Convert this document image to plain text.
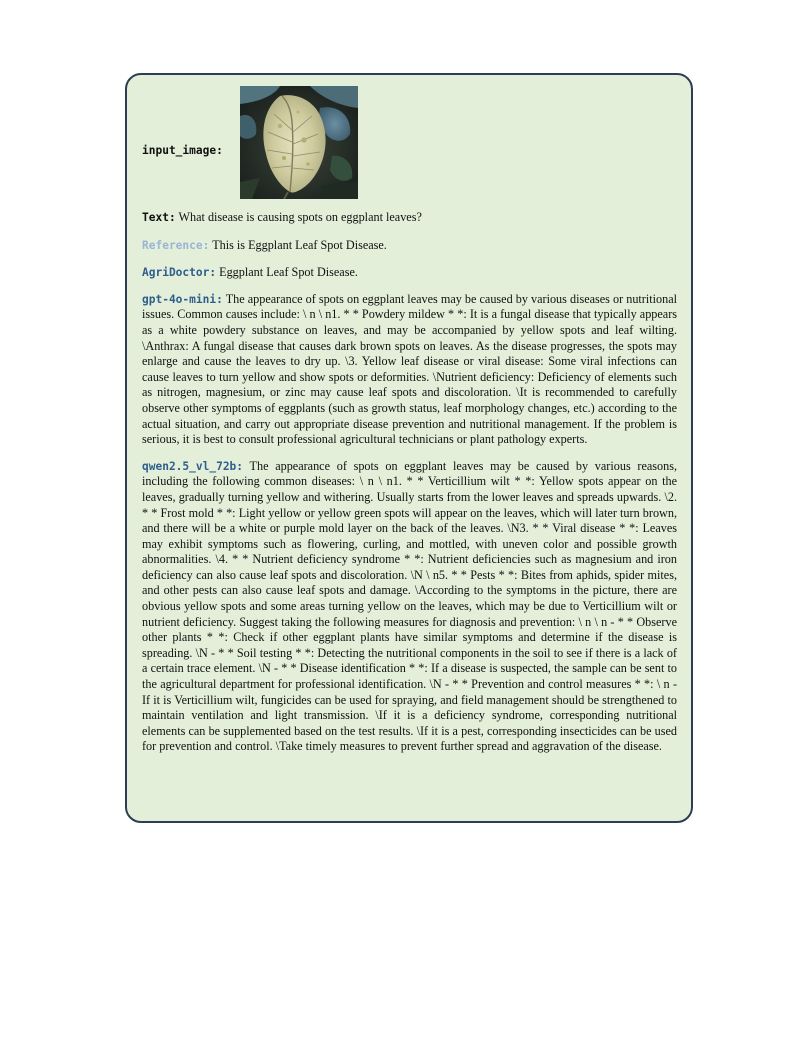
input_image:

Text: What disease is causing spots on eggplant leaves?

Reference: This is Eggplant Leaf Spot Disease.

AgriDoctor: Eggplant Leaf Spot Disease.

gpt-4o-mini: The appearance of spots on eggplant leaves may be caused by various diseases or nutritional issues. Common causes include: \ n \ n1. * * Powdery mildew * *: It is a fungal disease that typically appears as a white powdery substance on leaves, and may be accompanied by yellow spots and leaf wilting. \Anthrax: A fungal disease that causes dark brown spots on leaves. As the disease progresses, the spots may enlarge and cause the leaves to dry up. \3. Yellow leaf disease or viral disease: Some viral infections can cause leaves to turn yellow and show spots or deformities. \Nutrient deficiency: Deficiency of elements such as nitrogen, magnesium, or zinc may cause leaf spots and discoloration. \It is recommended to carefully observe other symptoms of eggplants (such as growth status, leaf morphology changes, etc.) according to the actual situation, and carry out appropriate disease prevention and nutritional management. If the problem is serious, it is best to consult professional agricultural technicians or plant pathology experts.

qwen2.5_vl_72b: The appearance of spots on eggplant leaves may be caused by various reasons, including the following common diseases: \ n \ n1. * * Verticillium wilt * *: Yellow spots appear on the leaves, gradually turning yellow and withering. Usually starts from the lower leaves and spreads upwards. \2. * * Frost mold * *: Light yellow or yellow green spots will appear on the leaves, which will later turn brown, and there will be a white or purple mold layer on the back of the leaves. \N3. * * Viral disease * *: Leaves may exhibit symptoms such as flowering, curling, and mottled, with uneven color and possible growth abnormalities. \4. * * Nutrient deficiency syndrome * *: Nutrient deficiencies such as magnesium and iron deficiency can also cause leaf spots and discoloration. \N \ n5. * * Pests * *: Bites from aphids, spider mites, and other pests can also cause leaf spots and damage. \According to the symptoms in the picture, there are obvious yellow spots and some areas turning yellow on the leaves, which may be due to Verticillium wilt or nutrient deficiency. Suggest taking the following measures for diagnosis and prevention: \ n \ n - * * Observe other plants * *: Check if other eggplant plants have similar symptoms and determine if the disease is spreading. \N - * * Soil testing * *: Detecting the nutritional components in the soil to see if there is a lack of a certain trace element. \N - * * Disease identification * *: If a disease is suspected, the sample can be sent to the agricultural department for professional identification. \N - * * Prevention and control measures * *: \ n - If it is Verticillium wilt, fungicides can be used for spraying, and field management should be strengthened to maintain ventilation and light transmission. \If it is a deficiency syndrome, corresponding nutritional elements can be supplemented based on the test results. \If it is a pest, corresponding insecticides can be used for prevention and control. \Take timely measures to prevent further spread and aggravation of the disease.
